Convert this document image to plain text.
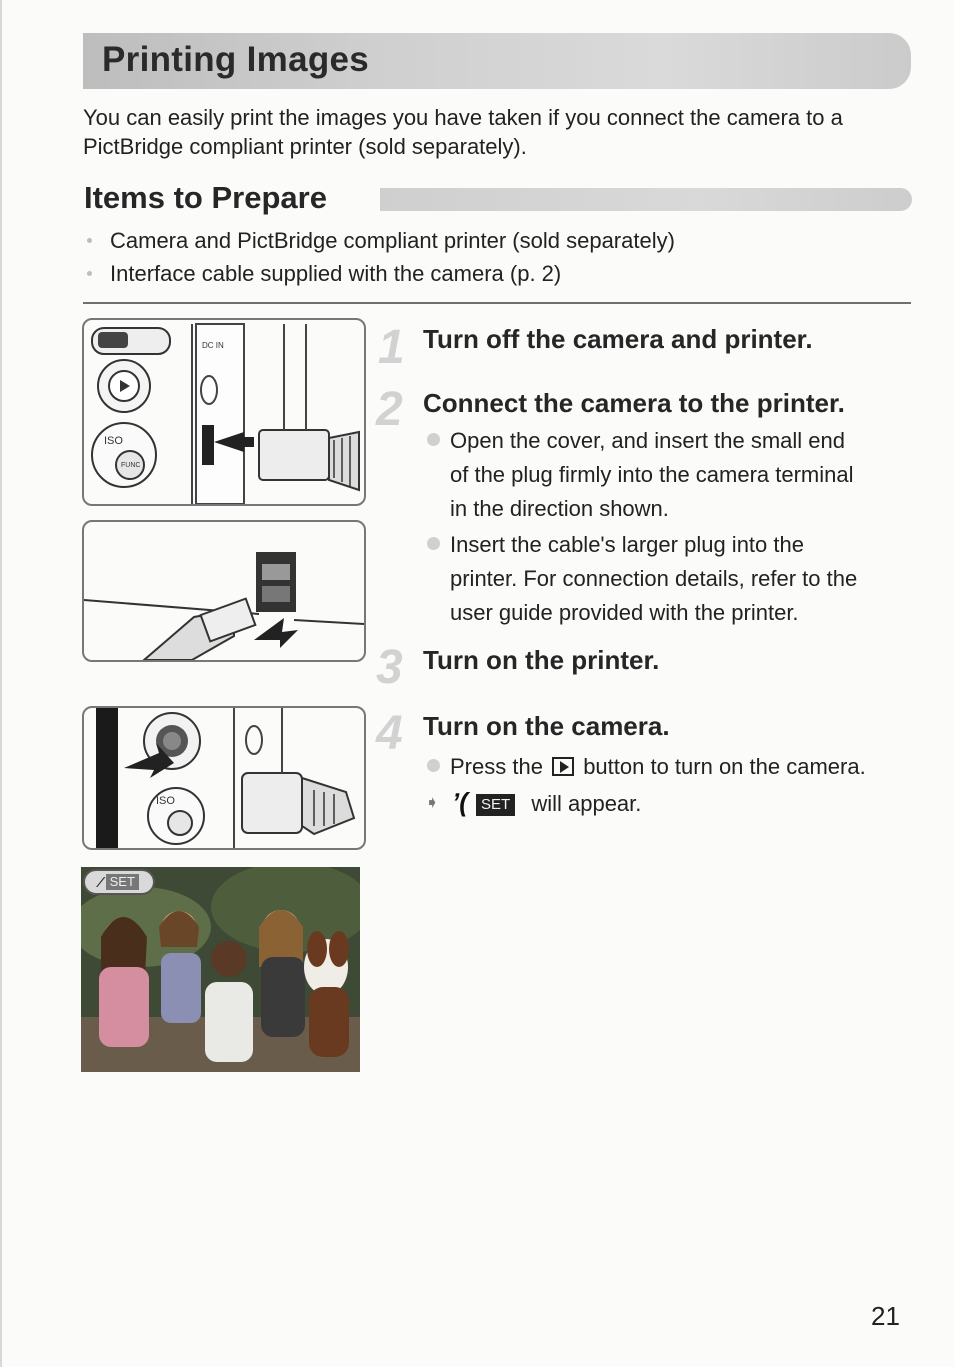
Printing Images
You can easily print the images you have taken if you connect the camera to a PictBridge compliant printer (sold separately).
Items to Prepare
Camera and PictBridge compliant printer (sold separately)
Interface cable supplied with the camera (p. 2)
ISO
FUNC
DC IN
ISO
⁄ SET
1 Turn off the camera and printer.
2 Connect the camera to the printer.
Open the cover, and insert the small end
of the plug firmly into the camera terminal
in the direction shown.
Insert the cable's larger plug into the
printer. For connection details, refer to the
user guide provided with the printer.
3 Turn on the printer.
4 Turn on the camera.
Press the button to turn on the camera.
➧ ʼ( SET will appear.
21
